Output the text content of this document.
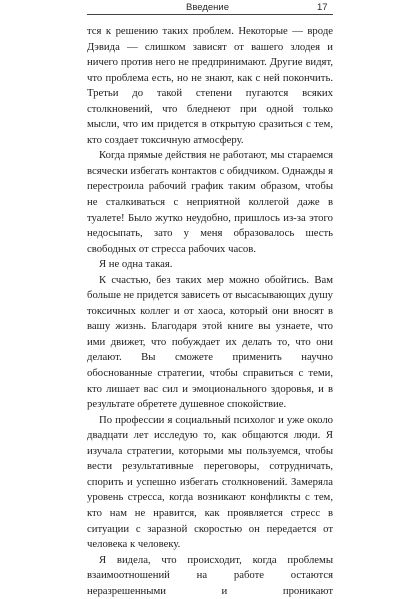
Введение	17

тся к решению таких проблем. Некоторые — вроде Дэвида — слишком зависят от вашего злодея и ничего против него не предпринимают. Другие видят, что проблема есть, но не знают, как с ней покончить. Третьи до такой степени пугаются всяких столкновений, что бледнеют при одной только мысли, что им придется в открытую сразиться с тем, кто создает токсичную атмосферу.

Когда прямые действия не работают, мы стараемся всячески избегать контактов с обидчиком. Однажды я перестроила рабочий график таким образом, чтобы не сталкиваться с неприятной коллегой даже в туалете! Было жутко неудобно, пришлось из-за этого недосыпать, зато у меня образовалось шесть свободных от стресса рабочих часов.

Я не одна такая.

К счастью, без таких мер можно обойтись. Вам больше не придется зависеть от высасывающих душу токсичных коллег и от хаоса, который они вносят в вашу жизнь. Благодаря этой книге вы узнаете, что ими движет, что побуждает их делать то, что они делают. Вы сможете применить научно обоснованные стратегии, чтобы справиться с теми, кто лишает вас сил и эмоционального здоровья, и в результате обретете душевное спокойствие.

По профессии я социальный психолог и уже около двадцати лет исследую то, как общаются люди. Я изучала стратегии, которыми мы пользуемся, чтобы вести результативные переговоры, сотрудничать, спорить и успешно избегать столкновений. Замеряла уровень стресса, когда возникают конфликты с тем, кто нам не нравится, как проявляется стресс в ситуации с заразной скоростью он передается от человека к человеку.

Я видела, что происходит, когда проблемы взаимоотношений на работе остаются неразрешенными и проникают
